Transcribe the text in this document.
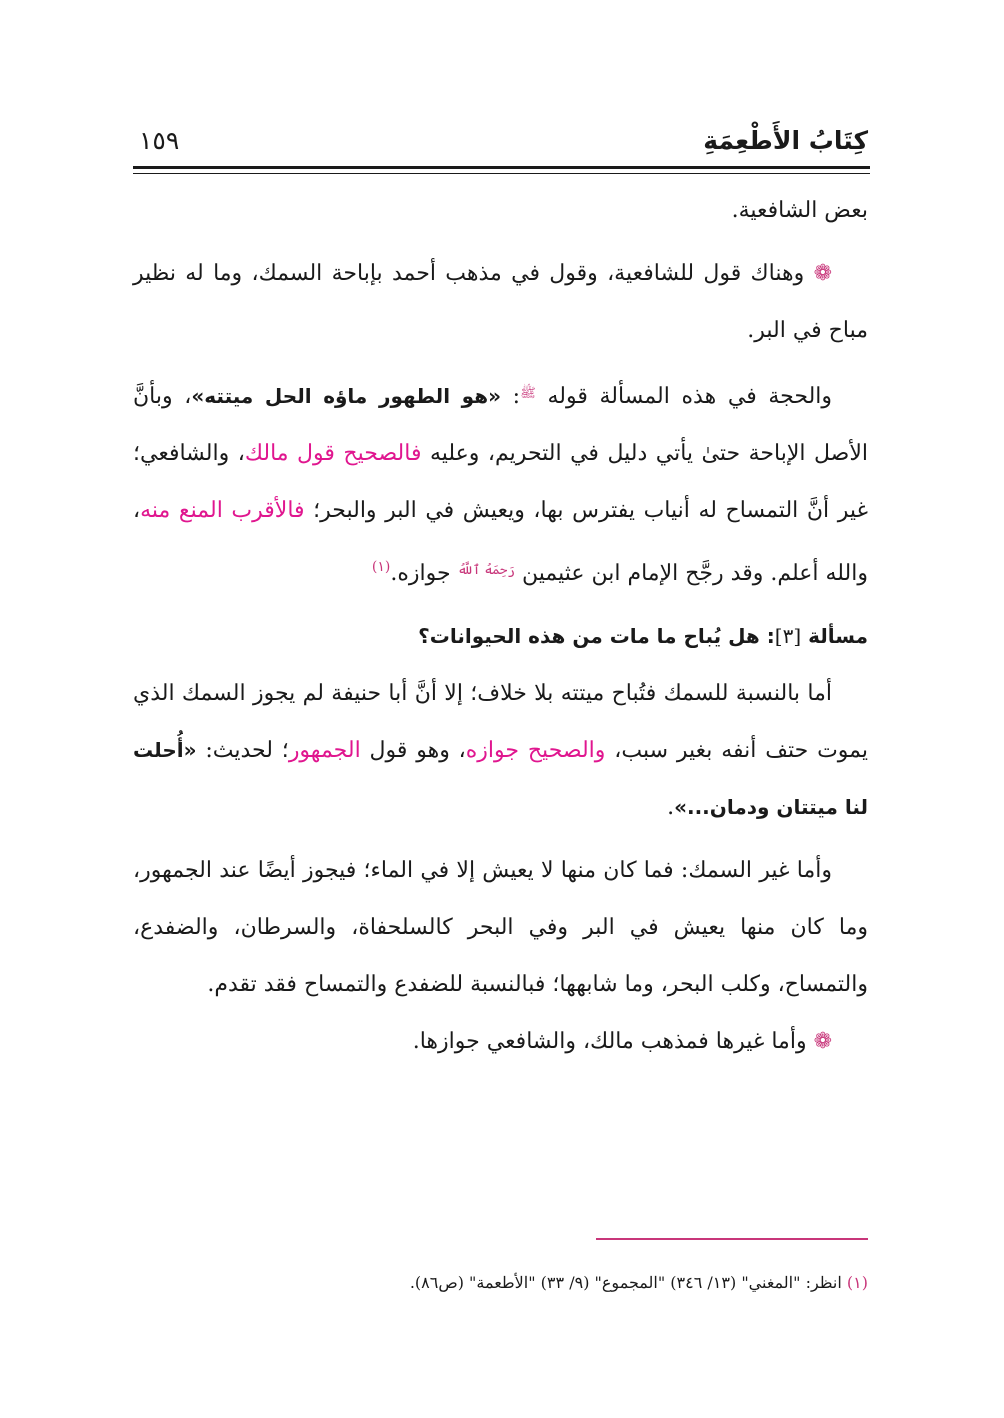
كِتَابُ الأَطْعِمَةِ
١٥٩

بعض الشافعية.

❁ وهناك قول للشافعية، وقول في مذهب أحمد بإباحة السمك، وما له نظير مباح في البر.

والحجة في هذه المسألة قوله $^ﷺ$: «هو الطهور ماؤه الحل ميتته»، وبأنَّ الأصل الإباحة حتىٰ يأتي دليل في التحريم، وعليه فالصحيح قول مالك، والشافعي؛ غير أنَّ التمساح له أنياب يفترس بها، ويعيش في البر والبحر؛ فالأقرب المنع منه، والله أعلم. وقد رجَّح الإمام ابن عثيمين $^{رَحِمَهُ ٱللَّهُ}$ جوازه.$^{(١)}$

مسألة [٣]: هل يُباح ما مات من هذه الحيوانات؟

أما بالنسبة للسمك فتُباح ميتته بلا خلاف؛ إلا أنَّ أبا حنيفة لم يجوز السمك الذي يموت حتف أنفه بغير سبب، والصحيح جوازه، وهو قول الجمهور؛ لحديث: «أُحلت لنا ميتتان ودمان...».

وأما غير السمك: فما كان منها لا يعيش إلا في الماء؛ فيجوز أيضًا عند الجمهور، وما كان منها يعيش في البر وفي البحر كالسلحفاة، والسرطان، والضفدع، والتمساح، وكلب البحر، وما شابهها؛ فبالنسبة للضفدع والتمساح فقد تقدم.

❁ وأما غيرها فمذهب مالك، والشافعي جوازها.

(١) انظر: "المغني" (١٣/ ٣٤٦) "المجموع" (٩/ ٣٣) "الأطعمة" (ص٨٦).
